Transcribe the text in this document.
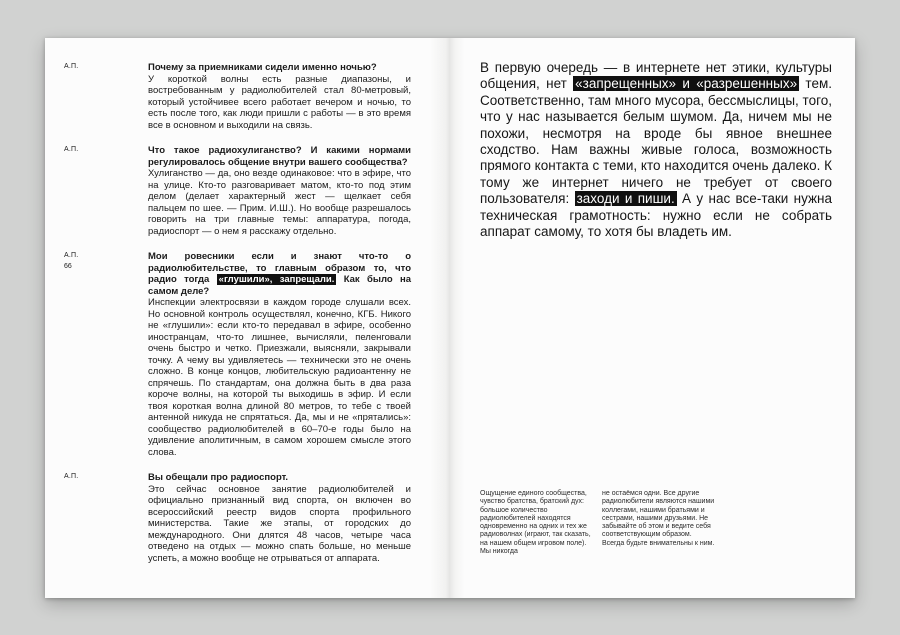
А.П.	Почему за приемниками сидели именно ночью?

У короткой волны есть разные диапазоны, и востребованным у радиолюбителей стал 80-метровый, который устойчивее всего работает вечером и ночью, то есть после того, как люди пришли с работы — в это время все в основном и выходили на связь.

А.П.	Что такое радиохулиганство? И какими нормами регулировалось общение внутри вашего сообщества?

Хулиганство — да, оно везде одинаковое: что в эфире, что на улице. Кто-то разговаривает матом, кто-то под этим делом (делает характерный жест — щелкает себя пальцем по шее. — Прим. И.Ш.). Но вообще разрешалось говорить на три главные темы: аппаратура, погода, радиоспорт — о нем я расскажу отдельно.

А.П.
66

Мои ровесники если и знают что-то о радиолюбительстве, то главным образом то, что радио тогда «глушили», запрещали. Как было на самом деле?

Инспекции электросвязи в каждом городе слушали всех. Но основной контроль осуществлял, конечно, КГБ. Никого не «глушили»: если кто-то передавал в эфире, особенно иностранцам, что-то лишнее, вычисляли, пеленговали очень быстро и четко. Приезжали, выясняли, закрывали точку. А чему вы удивляетесь — технически это не очень сложно. В конце концов, любительскую радиоантенну не спрячешь. По стандартам, она должна быть в два раза короче волны, на которой ты выходишь в эфир. И если твоя короткая волна длиной 80 метров, то тебе с твоей антенной никуда не спрятаться. Да, мы и не «прятались»: сообщество радиолюбителей в 60–70-е годы было на удивление аполитичным, в самом хорошем смысле этого слова.

А.П.	Вы обещали про радиоспорт.

Это сейчас основное занятие радиолюбителей и официально признанный вид спорта, он включен во всероссийский реестр видов спорта профильного министерства. Такие же этапы, от городских до международного. Они длятся 48 часов, четыре часа отведено на отдых — можно спать больше, но меньше успеть, а можно вообще не отрываться от аппарата.

В первую очередь — в интернете нет этики, культуры общения, нет «запрещенных» и «разрешенных» тем. Соответственно, там много мусора, бессмыслицы, того, что у нас называется белым шумом. Да, ничем мы не похожи, несмотря на вроде бы явное внешнее сходство. Нам важны живые голоса, возможность прямого контакта с теми, кто находится очень далеко. К тому же интернет ничего не требует от своего пользователя: заходи и пиши. А у нас все-таки нужна техническая грамотность: нужно если не собрать аппарат самому, то хотя бы владеть им.

Ощущение единого сообщества, чувство братства, братский дух: большое количество радиолюбителей находятся одновременно на одних и тех же радиоволнах (играют, так сказать, на нашем общем игровом поле). Мы никогда
не остаёмся одни. Все другие радиолюбители являются нашими коллегами, нашими братьями и сестрами, нашими друзьями. Не забывайте об этом и ведите себя соответствующим образом. Всегда будьте внимательны к ним.
